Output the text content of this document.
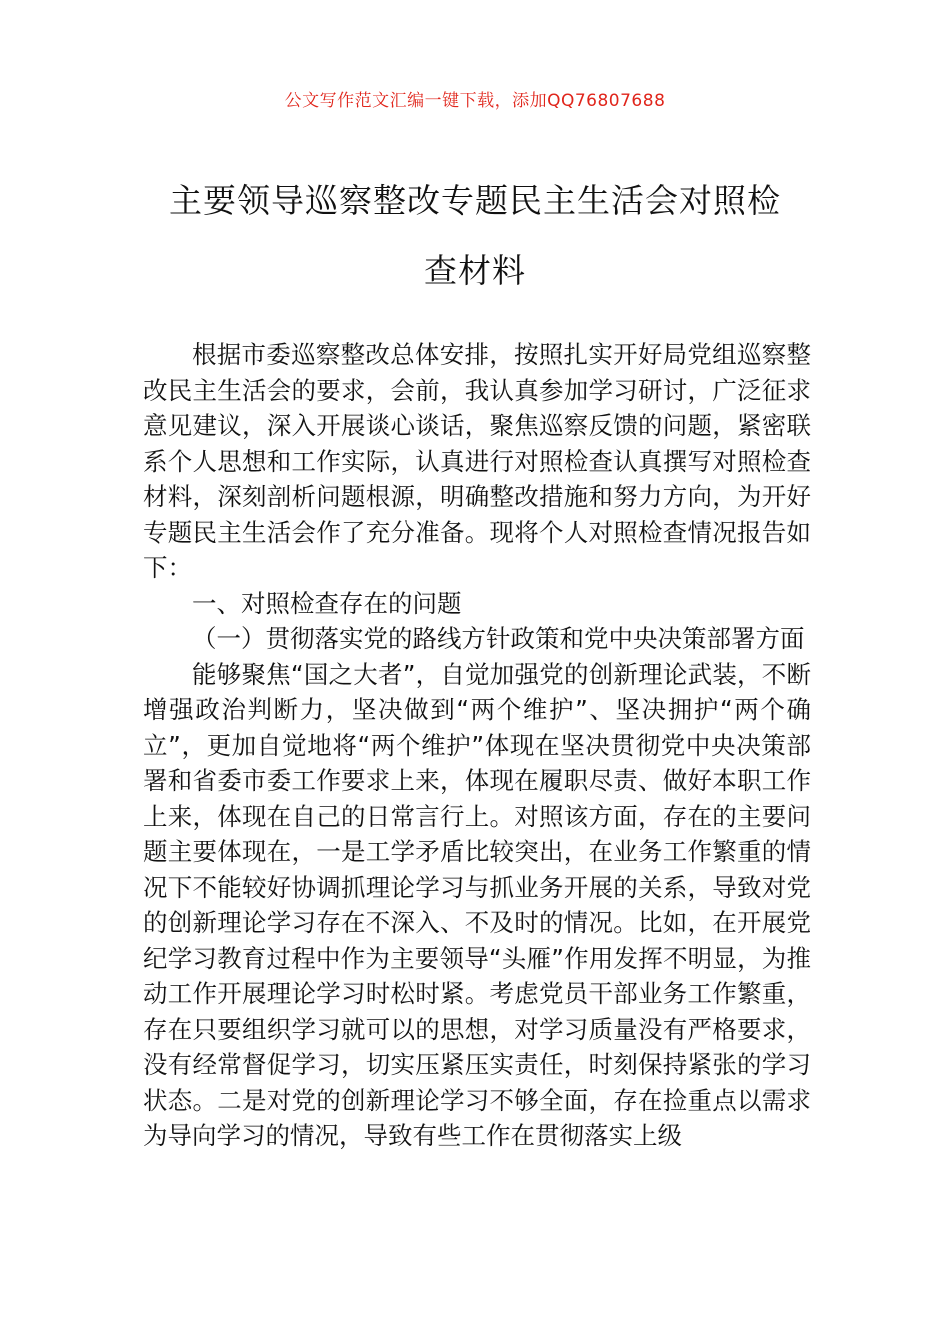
公文写作范文汇编一键下载，添加QQ76807688
主要领导巡察整改专题民主生活会对照检
查材料

根据市委巡察整改总体安排，按照扎实开好局党组巡察整改民主生活会的要求，会前，我认真参加学习研讨，广泛征求意见建议，深入开展谈心谈话，聚焦巡察反馈的问题，紧密联系个人思想和工作实际，认真进行对照检查认真撰写对照检查材料，深刻剖析问题根源，明确整改措施和努力方向，为开好专题民主生活会作了充分准备。现将个人对照检查情况报告如下：

一、对照检查存在的问题

（一）贯彻落实党的路线方针政策和党中央决策部署方面

能够聚焦“国之大者”，自觉加强党的创新理论武装，不断增强政治判断力，坚决做到“两个维护”、坚决拥护“两个确立”，更加自觉地将“两个维护”体现在坚决贯彻党中央决策部署和省委市委工作要求上来，体现在履职尽责、做好本职工作上来，体现在自己的日常言行上。对照该方面，存在的主要问题主要体现在，一是工学矛盾比较突出，在业务工作繁重的情况下不能较好协调抓理论学习与抓业务开展的关系，导致对党的创新理论学习存在不深入、不及时的情况。比如，在开展党纪学习教育过程中作为主要领导“头雁”作用发挥不明显，为推动工作开展理论学习时松时紧。考虑党员干部业务工作繁重，存在只要组织学习就可以的思想，对学习质量没有严格要求，没有经常督促学习，切实压紧压实责任，时刻保持紧张的学习状态。二是对党的创新理论学习不够全面，存在捡重点以需求为导向学习的情况，导致有些工作在贯彻落实上级
